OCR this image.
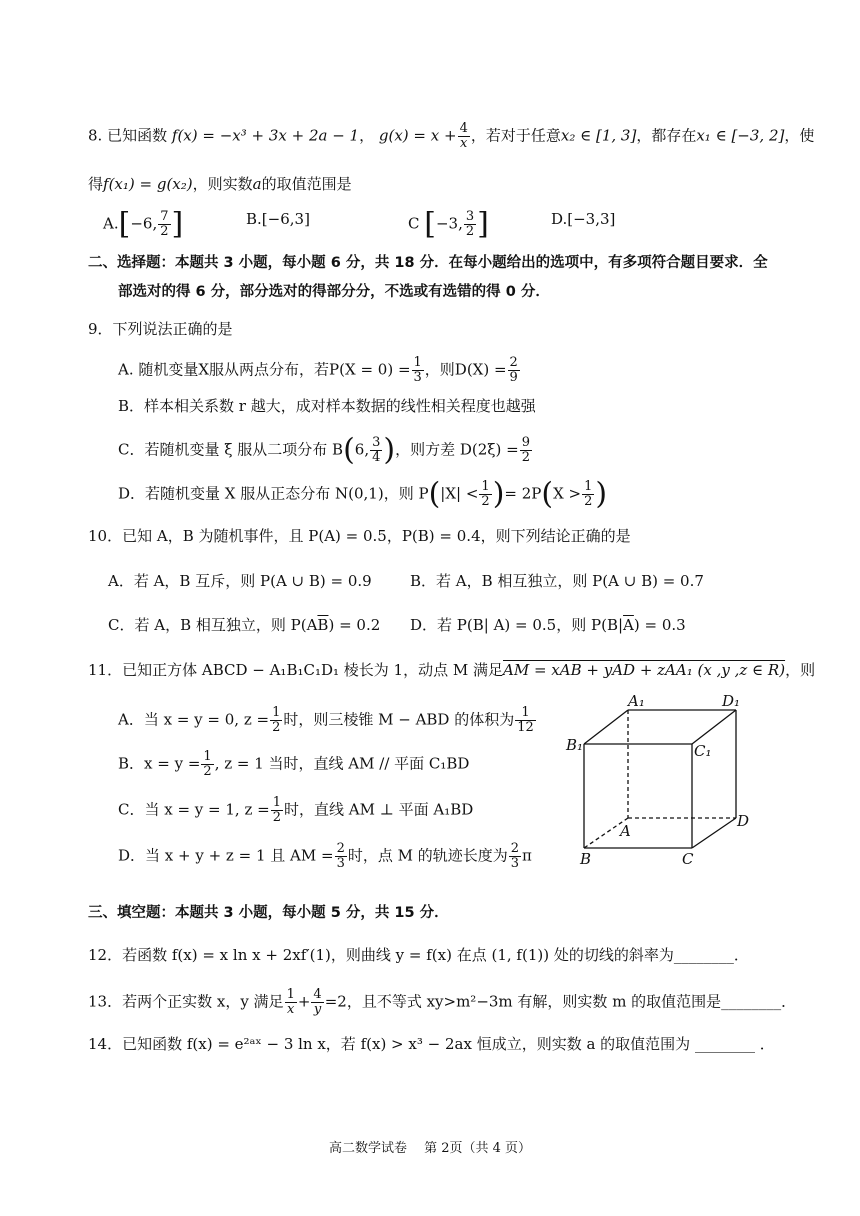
8. 已知函数 f(x) = −x³ + 3x + 2a − 1， $g(x) = x + \frac{4}{x}$ ，若对于任意x₂ ∈ [1, 3]，都存在x₁ ∈ [−3, 2]，使
得f(x₁) = g(x₂)，则实数a的取值范围是
A.[−6, $\frac{7}{2}$ ]	B.[−6,3]	C [−3, $\frac{3}{2}$ ]	D.[−3,3]
二、选择题：本题共 3 小题，每小题 6 分，共 18 分．在每小题给出的选项中，有多项符合题目要求．全
部选对的得 6 分，部分选对的得部分分，不选或有选错的得 0 分．
9．下列说法正确的是
A. 随机变量X服从两点分布，若$P(X = 0) = \frac{1}{3}$ ，则$D(X) = \frac{2}{9}$
B．样本相关系数 r 越大，成对样本数据的线性相关程度也越强
C．若随机变量 ξ 服从二项分布 B(6, $\frac{3}{4}$ )，则方差 $D(2\xi) = \frac{9}{2}$
D．若随机变量 X 服从正态分布 N(0,1)，则 $P(|X| < \frac{1}{2}$ )= $2P(X > \frac{1}{2}$ )
10．已知 A，B 为随机事件，且 P(A) = 0.5，P(B) = 0.4，则下列结论正确的是
A．若 A，B 互斥，则 P(A ∪ B) = 0.9	B．若 A，B 相互独立，则 P(A ∪ B) = 0.7
C．若 A，B 相互独立，则 $P(A\overline{B}) = 0.2$ D．若 P(B| A) = 0.5，则 $P(B|\overline{A}) = 0.3$
11．已知正方体 ABCD − A₁B₁C₁D₁ 棱长为 1，动点 M 满足AM = xAB + yAD + zAA₁ (x ,y ,z ∈ R)，则
A．当 x = y = 0, $z = \frac{1}{2}$ 时，则三棱锥 M − ABD 的体积为 $\frac{1}{12}$
B．$x = y = \frac{1}{2}$ , z = 1 当时，直线 AM // 平面 C₁BD
C．当 x = y = 1, $z = \frac{1}{2}$ 时，直线 AM ⊥ 平面 A₁BD
D．当 x + y + z = 1 且 AM = $\frac{2}{3}$ 时，点 M 的轨迹长度为 $\frac{2}{3}$ π
A₁	D₁
B₁	C₁
A
D
B	C
三、填空题：本题共 3 小题，每小题 5 分，共 15 分．
12．若函数 f(x) = x ln x + 2xf′(1)，则曲线 y = f(x) 在点 (1, f(1)) 处的切线的斜率为________．
13．若两个正实数 x，y 满足 $\frac{1}{x} + \frac{4}{y} =2$，且不等式 xy>m²−3m 有解，则实数 m 的取值范围是________．
14．已知函数 f(x) = e²ᵃˣ − 3 ln x，若 f(x) > x³ − 2ax 恒成立，则实数 a 的取值范围为 ________ ．
高二数学试卷　 第 2页（共 4 页）
